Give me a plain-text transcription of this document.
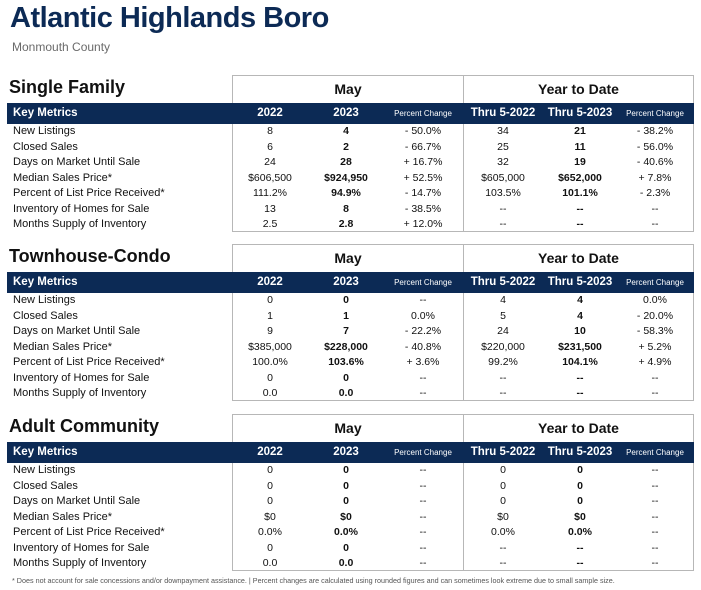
Atlantic Highlands Boro
Monmouth County
Single Family	May	Year to Date
Key Metrics	2022	2023	Percent Change	Thru 5-2022	Thru 5-2023	Percent Change
New Listings	8	4	- 50.0%	34	21	- 38.2%
Closed Sales	6	2	- 66.7%	25	11	- 56.0%
Days on Market Until Sale	24	28	+ 16.7%	32	19	- 40.6%
Median Sales Price*	$606,500	$924,950	+ 52.5%	$605,000	$652,000	+ 7.8%
Percent of List Price Received*	111.2%	94.9%	- 14.7%	103.5%	101.1%	- 2.3%
Inventory of Homes for Sale	13	8	- 38.5%	--	--	--
Months Supply of Inventory	2.5	2.8	+ 12.0%	--	--	--
Townhouse-Condo	May	Year to Date
Key Metrics	2022	2023	Percent Change	Thru 5-2022	Thru 5-2023	Percent Change
New Listings	0	0	--	4	4	0.0%
Closed Sales	1	1	0.0%	5	4	- 20.0%
Days on Market Until Sale	9	7	- 22.2%	24	10	- 58.3%
Median Sales Price*	$385,000	$228,000	- 40.8%	$220,000	$231,500	+ 5.2%
Percent of List Price Received*	100.0%	103.6%	+ 3.6%	99.2%	104.1%	+ 4.9%
Inventory of Homes for Sale	0	0	--	--	--	--
Months Supply of Inventory	0.0	0.0	--	--	--	--
Adult Community	May	Year to Date
Key Metrics	2022	2023	Percent Change	Thru 5-2022	Thru 5-2023	Percent Change
New Listings	0	0	--	0	0	--
Closed Sales	0	0	--	0	0	--
Days on Market Until Sale	0	0	--	0	0	--
Median Sales Price*	$0	$0	--	$0	$0	--
Percent of List Price Received*	0.0%	0.0%	--	0.0%	0.0%	--
Inventory of Homes for Sale	0	0	--	--	--	--
Months Supply of Inventory	0.0	0.0	--	--	--	--
* Does not account for sale concessions and/or downpayment assistance. | Percent changes are calculated using rounded figures and can sometimes look extreme due to small sample size.
